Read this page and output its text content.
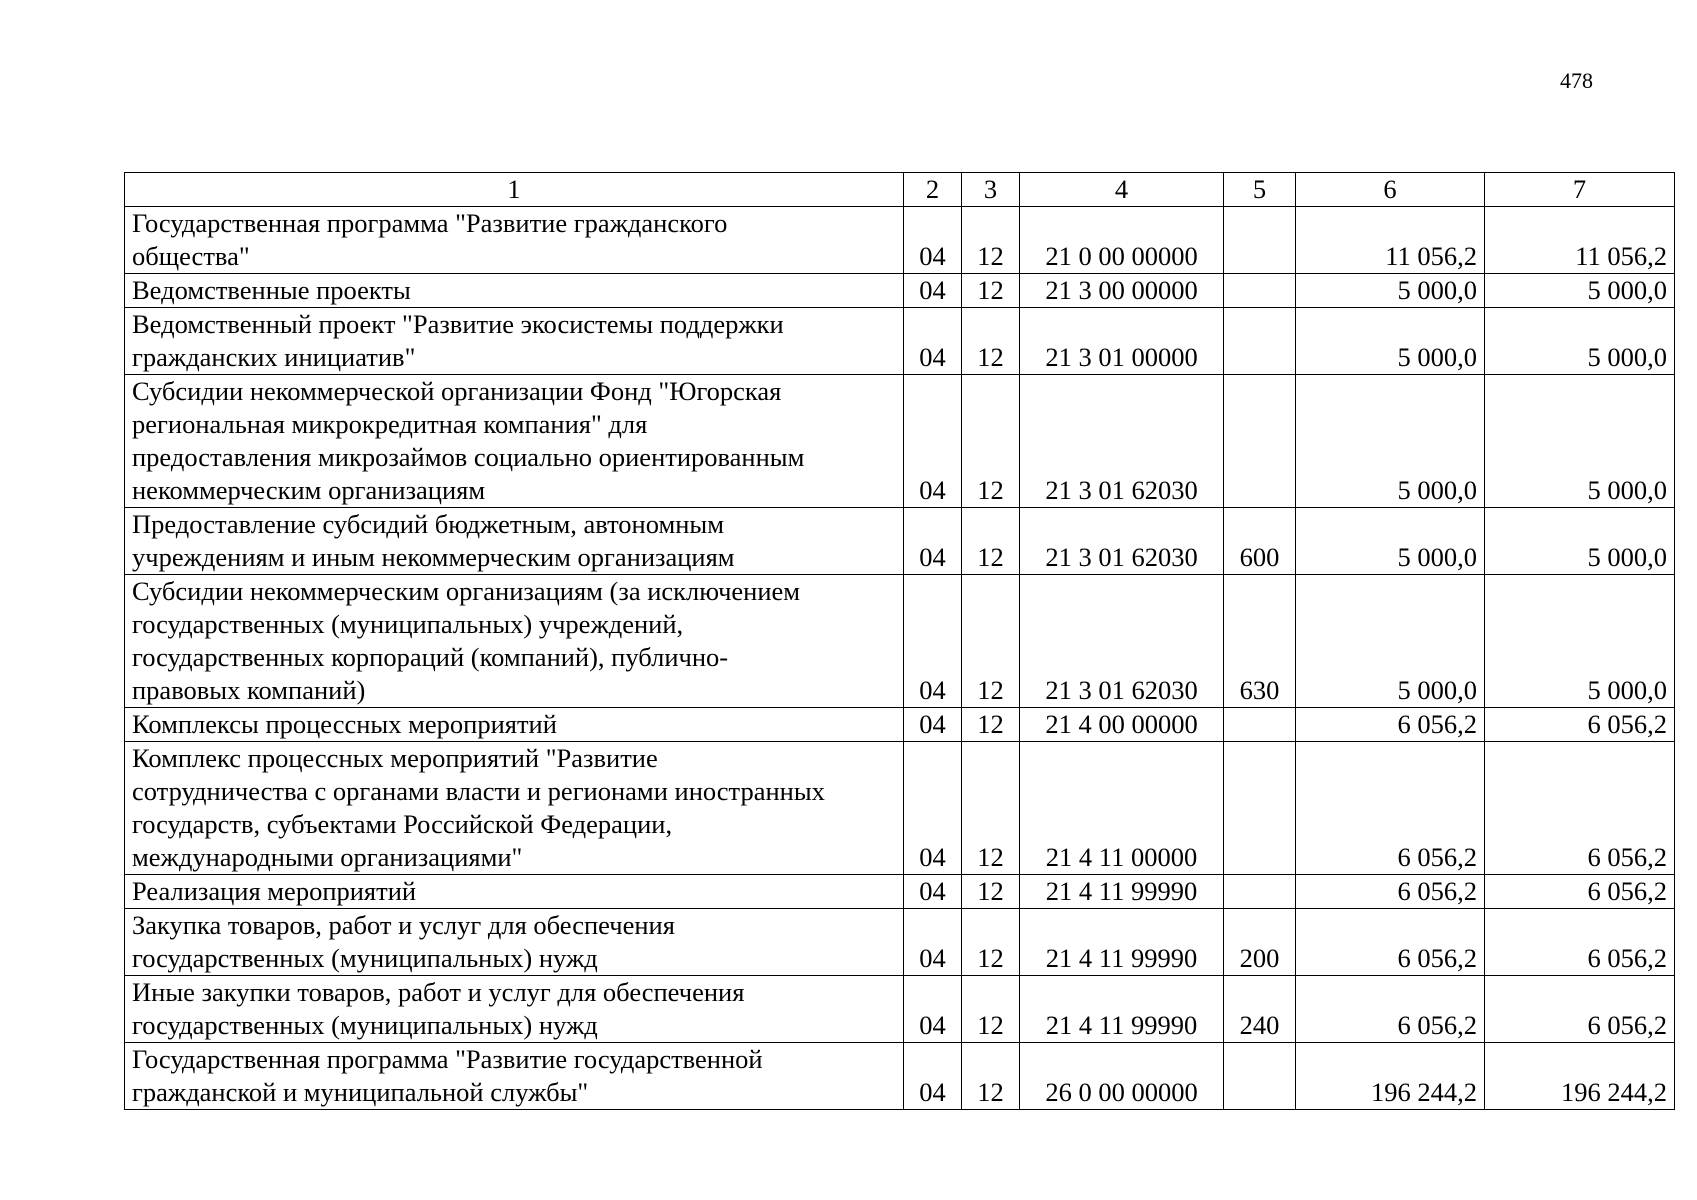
478
1	2	3	4	5	6	7

Государственная программа "Развитие гражданского
общества"	04	12	21 0 00 00000		11 056,2	11 056,2

Ведомственные проекты	04	12	21 3 00 00000		5 000,0	5 000,0

Ведомственный проект "Развитие экосистемы поддержки
гражданских инициатив"	04	12	21 3 01 00000		5 000,0	5 000,0

Субсидии некоммерческой организации Фонд "Югорская
региональная микрокредитная компания" для
предоставления микрозаймов социально ориентированным
некоммерческим организациям	04	12	21 3 01 62030		5 000,0	5 000,0

Предоставление субсидий бюджетным, автономным
учреждениям и иным некоммерческим организациям	04	12	21 3 01 62030	600	5 000,0	5 000,0

Субсидии некоммерческим организациям (за исключением
государственных (муниципальных) учреждений,
государственных корпораций (компаний), публично-
правовых компаний)	04	12	21 3 01 62030	630	5 000,0	5 000,0

Комплексы процессных мероприятий	04	12	21 4 00 00000		6 056,2	6 056,2

Комплекс процессных мероприятий "Развитие
сотрудничества с органами власти и регионами иностранных
государств, субъектами Российской Федерации,
международными организациями"	04	12	21 4 11 00000		6 056,2	6 056,2

Реализация мероприятий	04	12	21 4 11 99990		6 056,2	6 056,2

Закупка товаров, работ и услуг для обеспечения
государственных (муниципальных) нужд	04	12	21 4 11 99990	200	6 056,2	6 056,2

Иные закупки товаров, работ и услуг для обеспечения
государственных (муниципальных) нужд	04	12	21 4 11 99990	240	6 056,2	6 056,2

Государственная программа "Развитие государственной
гражданской и муниципальной службы"	04	12	26 0 00 00000		196 244,2	196 244,2
